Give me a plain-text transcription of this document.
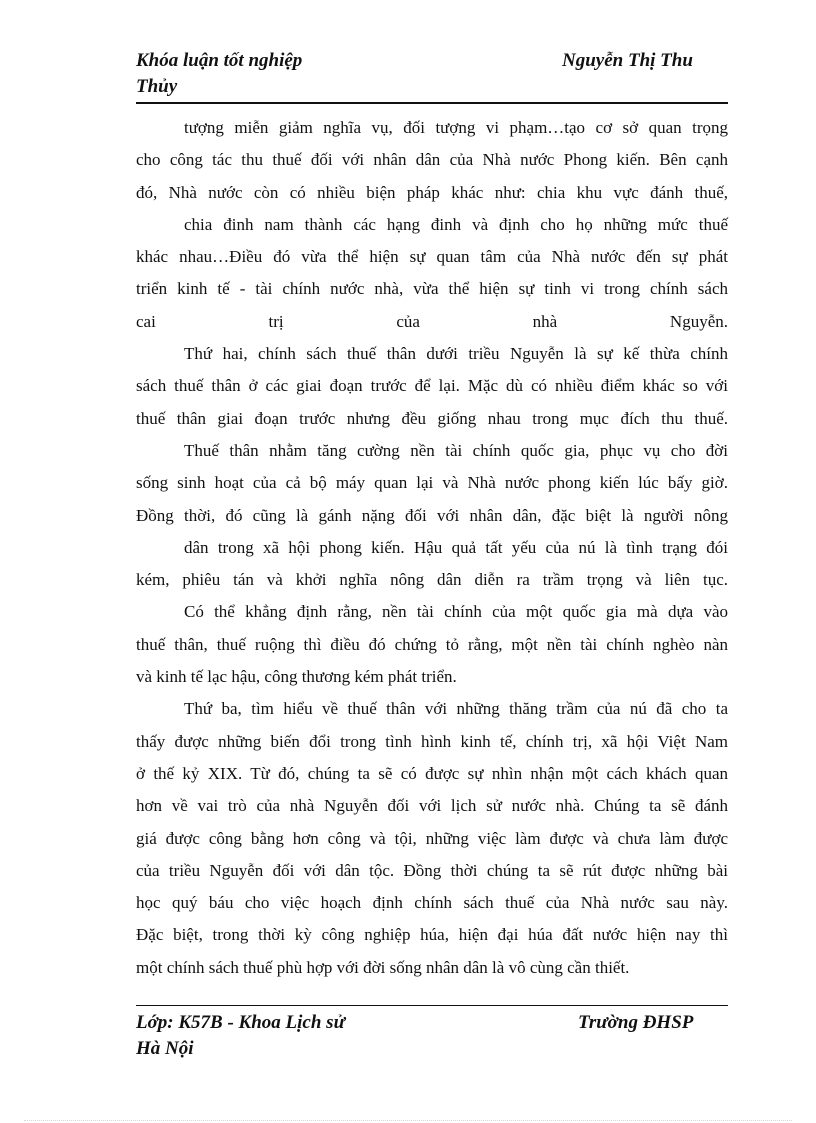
Khóa luận tốt nghiệp	Nguyễn Thị Thu
Thủy
tượng miễn giảm nghĩa vụ, đối tượng vi phạm…tạo cơ sở quan trọng
cho công tác thu thuế đối với nhân dân của Nhà nước Phong kiến. Bên cạnh
đó, Nhà nước còn có nhiều biện pháp khác như: chia khu vực đánh thuế,
chia đinh nam thành các hạng đinh và định cho họ những mức thuế
khác nhau…Điều đó vừa thể hiện sự quan tâm của Nhà nước đến sự phát
triển kinh tế - tài chính nước nhà, vừa thể hiện sự tinh vi trong chính sách
cai trị của nhà Nguyễn.
Thứ hai, chính sách thuế thân dưới triều Nguyễn là sự kế thừa chính
sách thuế thân ở các giai đoạn trước để lại. Mặc dù có nhiều điểm khác so với
thuế thân giai đoạn trước nhưng đều giống nhau trong mục đích thu thuế.
Thuế thân nhằm tăng cường nền tài chính quốc gia, phục vụ cho đời
sống sinh hoạt của cả bộ máy quan lại và Nhà nước phong kiến lúc bấy giờ.
Đồng thời, đó cũng là gánh nặng đối với nhân dân, đặc biệt là người nông
dân trong xã hội phong kiến. Hậu quả tất yếu của nú là tình trạng đói
kém, phiêu tán và khởi nghĩa nông dân diễn ra trầm trọng và liên tục.
Có thể khẳng định rằng, nền tài chính của một quốc gia mà dựa vào
thuế thân, thuế ruộng thì điều đó chứng tỏ rằng, một nền tài chính nghèo nàn
và kinh tế lạc hậu, công thương kém phát triển.
Thứ ba, tìm hiểu về thuế thân với những thăng trầm của nú đã cho ta
thấy được những biến đổi trong tình hình kinh tế, chính trị, xã hội Việt Nam
ở thế kỷ XIX. Từ đó, chúng ta sẽ có được sự nhìn nhận một cách khách quan
hơn về vai trò của nhà Nguyễn đối với lịch sử nước nhà. Chúng ta sẽ đánh
giá được công bằng hơn công và tội, những việc làm được và chưa làm được
của triều Nguyễn đối với dân tộc. Đồng thời chúng ta sẽ rút được những bài
học quý báu cho việc hoạch định chính sách thuế của Nhà nước sau này.
Đặc biệt, trong thời kỳ công nghiệp húa, hiện đại húa đất nước hiện nay thì
một chính sách thuế phù hợp với đời sống nhân dân là vô cùng cần thiết.
Lớp: K57B - Khoa Lịch sử	Trường ĐHSP
Hà Nội
